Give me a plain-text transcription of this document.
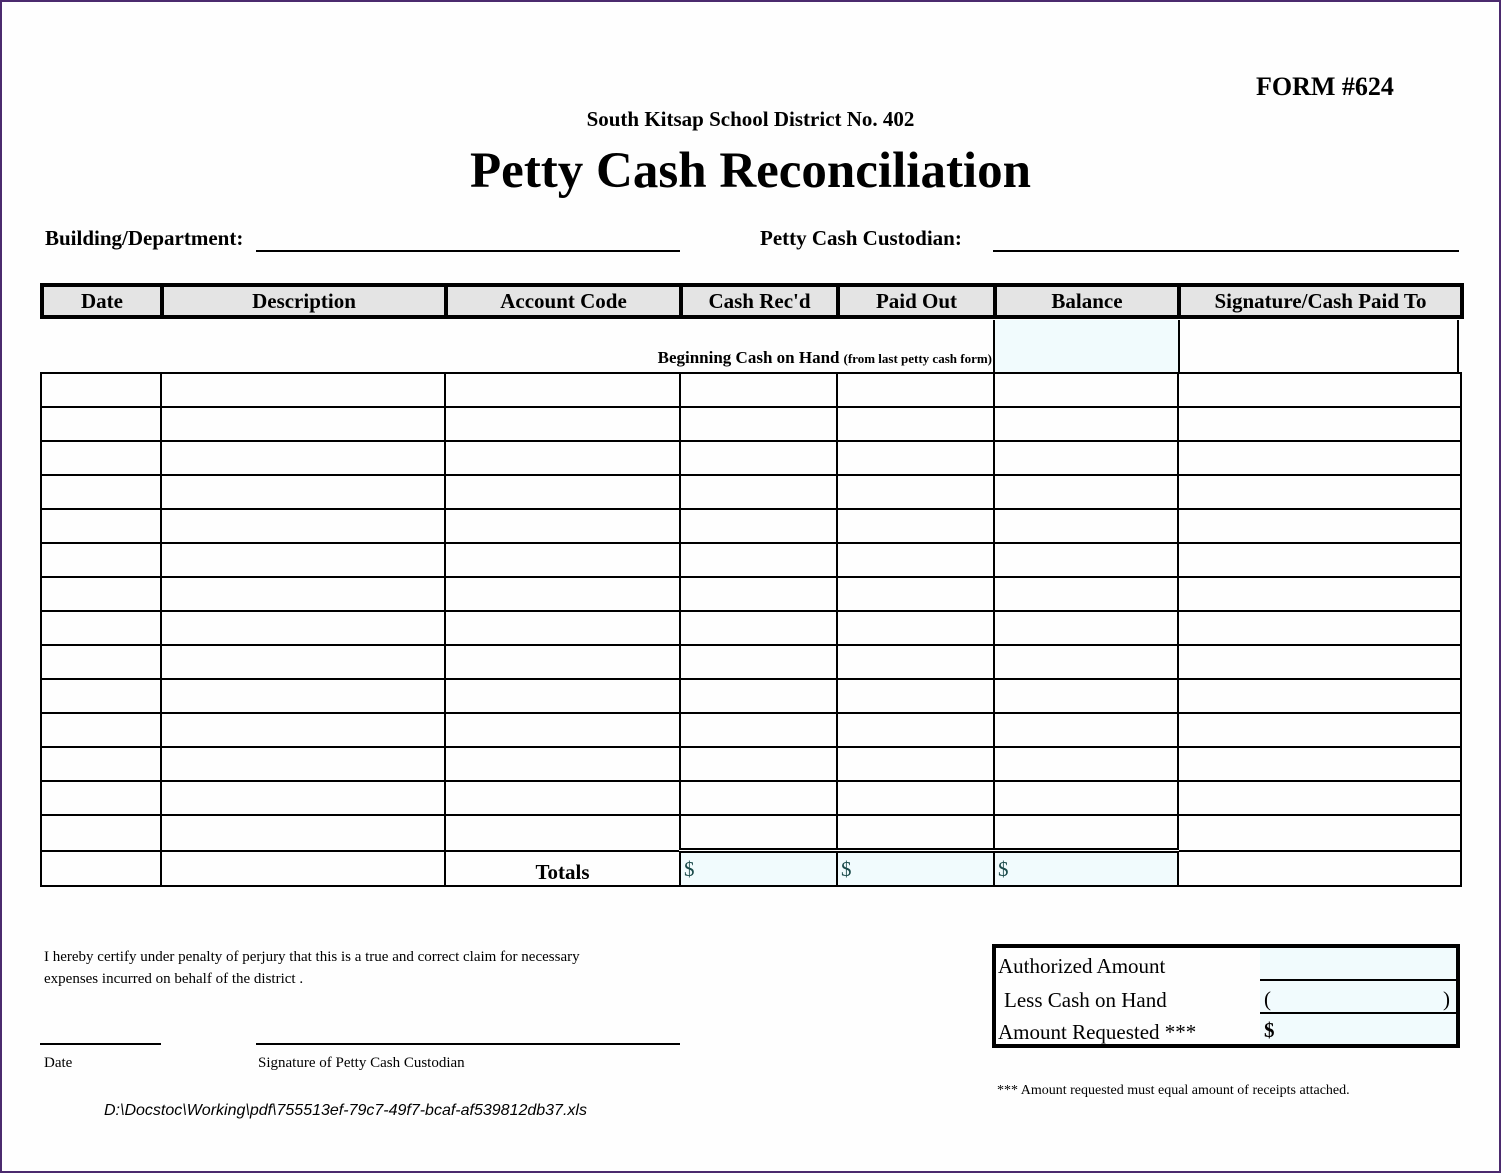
FORM #624
South Kitsap School District No. 402
Petty Cash Reconciliation
Building/Department:	Petty Cash Custodian:
Date	Description	Account Code	Cash Rec'd	Paid Out	Balance	Signature/Cash Paid To
Beginning Cash on Hand (from last petty cash form)

		Totals	$	$	$	
I hereby certify under penalty of perjury that this is a true and correct claim for necessary
expenses incurred on behalf of the district .
Date	Signature of Petty Cash Custodian
Authorized Amount
Less Cash on Hand	(	)
Amount Requested ***	$
*** Amount requested must equal amount of receipts attached.
D:\Docstoc\Working\pdf\755513ef-79c7-49f7-bcaf-af539812db37.xls
